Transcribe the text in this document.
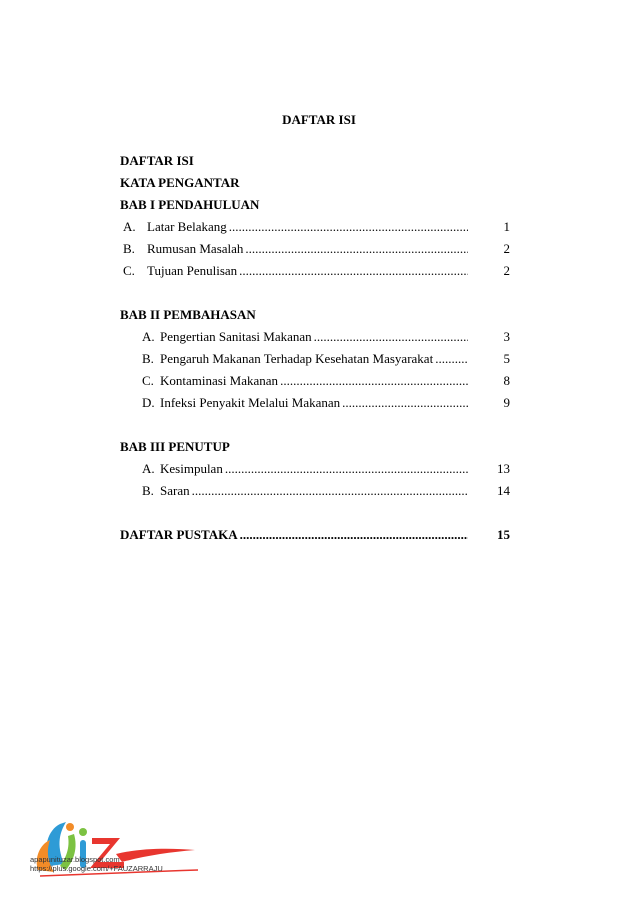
DAFTAR ISI
DAFTAR ISI
KATA PENGANTAR
BAB I PENDAHULUAN
A. Latar Belakang .....	1
B. Rumusan Masalah .....	2
C. Tujuan Penulisan .....	2
BAB II PEMBAHASAN
A. Pengertian Sanitasi Makanan .....	3
B. Pengaruh Makanan Terhadap Kesehatan Masyarakat .....	5
C. Kontaminasi Makanan .....	8
D. Infeksi Penyakit Melalui Makanan .....	9
BAB III PENUTUP
A. Kesimpulan .....	13
B. Saran .....	14
DAFTAR PUSTAKA .....	15
apapunituzar.blogspot.com
https://plus.google.com/+FAUZARRAJU
